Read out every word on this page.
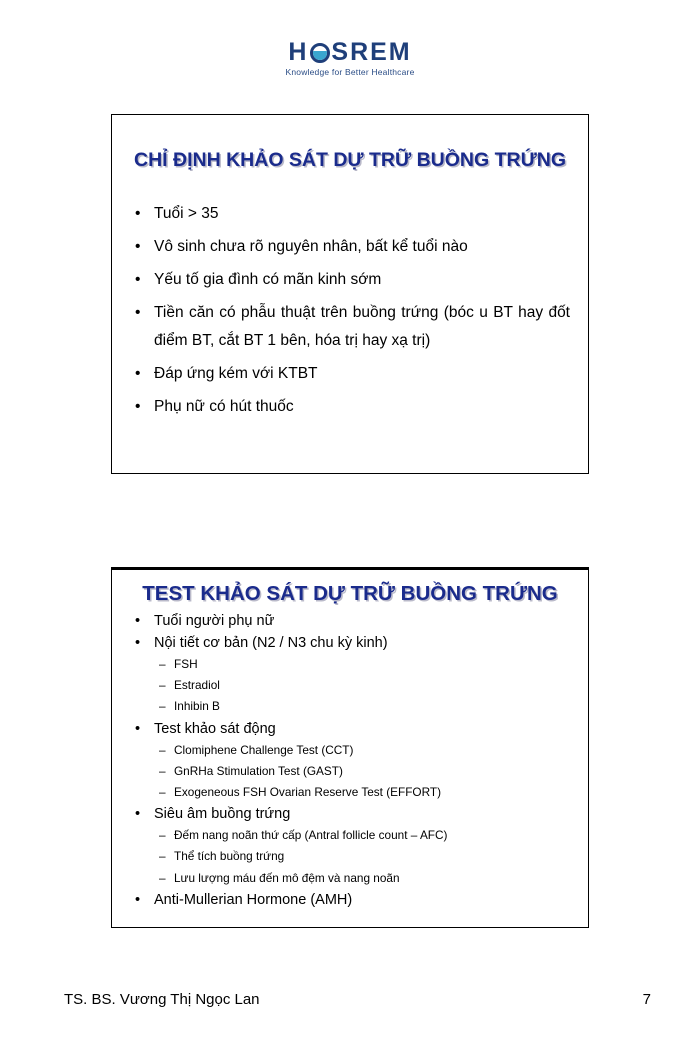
H SREM
Knowledge for Better Healthcare
CHỈ ĐỊNH KHẢO SÁT DỰ TRỮ BUỒNG TRỨNG
• Tuổi > 35
• Vô sinh chưa rõ nguyên nhân, bất kể tuổi nào
• Yếu tố gia đình có mãn kinh sớm
• Tiền căn có phẫu thuật trên buồng trứng (bóc u BT hay đốt điểm BT, cắt BT 1 bên, hóa trị hay xạ trị)
• Đáp ứng kém với KTBT
• Phụ nữ có hút thuốc
TEST KHẢO SÁT DỰ TRỮ BUỒNG TRỨNG
• Tuổi người phụ nữ
• Nội tiết cơ bản (N2 / N3 chu kỳ kinh)
– FSH
– Estradiol
– Inhibin B
• Test khảo sát động
– Clomiphene Challenge Test (CCT)
– GnRHa Stimulation Test (GAST)
– Exogeneous FSH Ovarian Reserve Test (EFFORT)
• Siêu âm buồng trứng
– Đếm nang noãn thứ cấp (Antral follicle count – AFC)
– Thể tích buồng trứng
– Lưu lượng máu đến mô đệm và nang noãn
• Anti-Mullerian Hormone (AMH)
TS. BS. Vương Thị Ngọc Lan	7
